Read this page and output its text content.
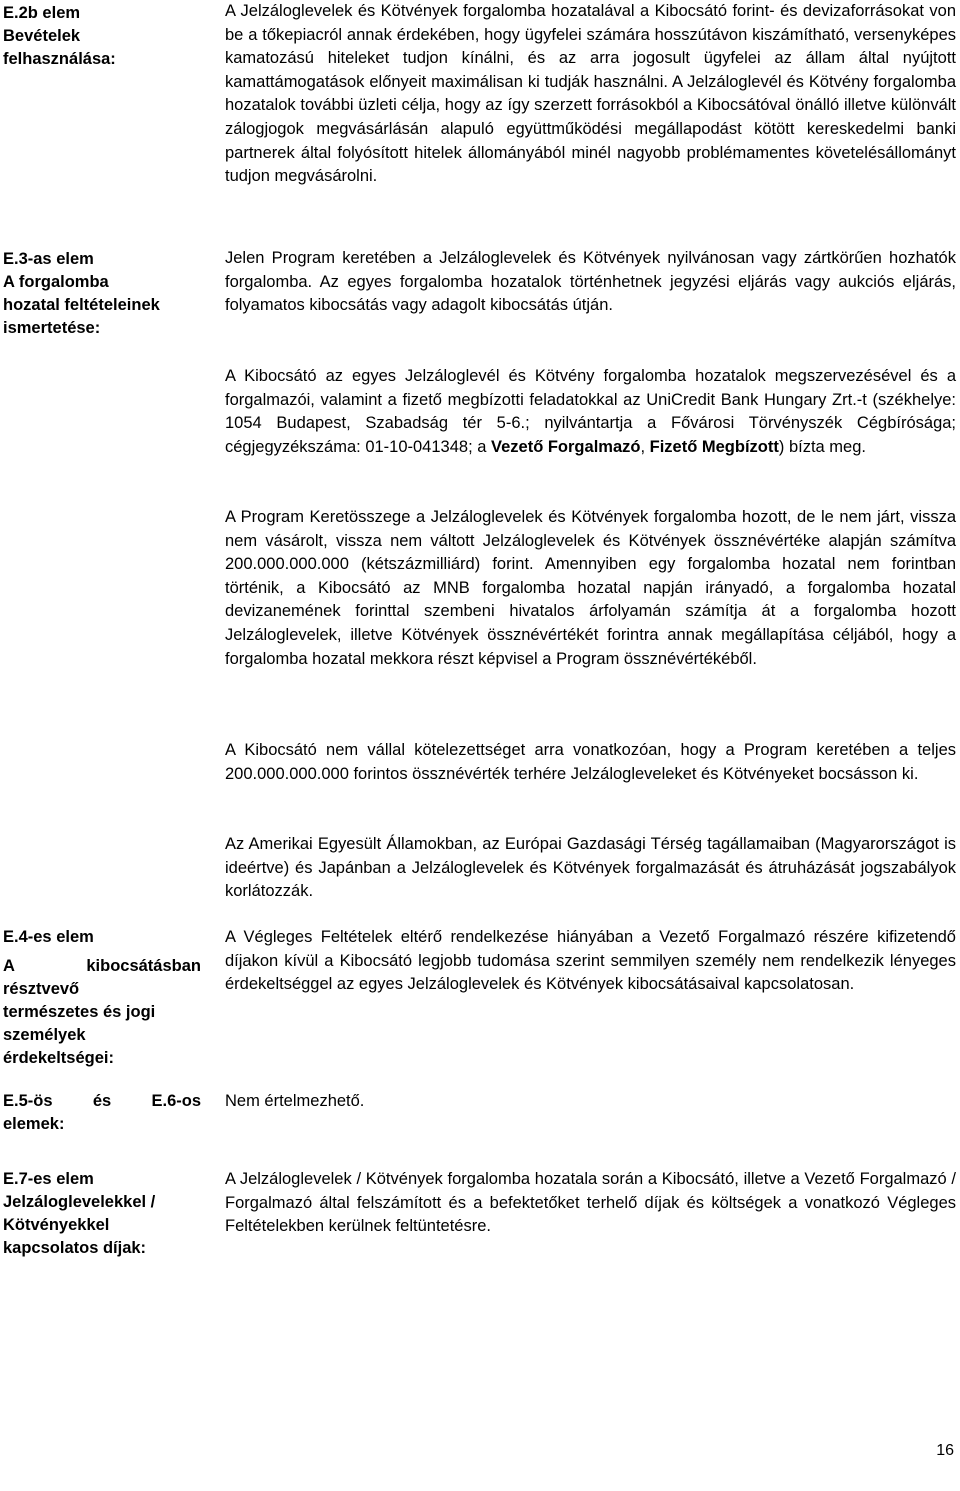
E.2b elem
Bevételek
felhasználása:
A Jelzáloglevelek és Kötvények forgalomba hozatalával a Kibocsátó forint- és devizaforrásokat von be a tőkepiacról annak érdekében, hogy ügyfelei számára hosszútávon kiszámítható, versenyképes kamatozású hiteleket tudjon kínálni, és az arra jogosult ügyfelei az állam által nyújtott kamattámogatások előnyeit maximálisan ki tudják használni. A Jelzáloglevél és Kötvény forgalomba hozatalok további üzleti célja, hogy az így szerzett forrásokból a Kibocsátóval önálló illetve különvált zálogjogok megvásárlásán alapuló együttműködési megállapodást kötött kereskedelmi banki partnerek által folyósított hitelek állományából minél nagyobb problémamentes követelésállományt tudjon megvásárolni.
E.3-as elem
A forgalomba
hozatal feltételeinek
ismertetése:
Jelen Program keretében a Jelzáloglevelek és Kötvények nyilvánosan vagy zártkörűen hozhatók forgalomba. Az egyes forgalomba hozatalok történhetnek jegyzési eljárás vagy aukciós eljárás, folyamatos kibocsátás vagy adagolt kibocsátás útján.
A Kibocsátó az egyes Jelzáloglevél és Kötvény forgalomba hozatalok megszervezésével és a forgalmazói, valamint a fizető megbízotti feladatokkal az UniCredit Bank Hungary Zrt.-t (székhelye: 1054 Budapest, Szabadság tér 5-6.; nyilvántartja a Fővárosi Törvényszék Cégbírósága; cégjegyzékszáma: 01-10-041348; a Vezető Forgalmazó, Fizető Megbízott) bízta meg.
A Program Keretösszege a Jelzáloglevelek és Kötvények forgalomba hozott, de le nem járt, vissza nem vásárolt, vissza nem váltott Jelzáloglevelek és Kötvények össznévértéke alapján számítva 200.000.000.000 (kétszázmilliárd) forint. Amennyiben egy forgalomba hozatal nem forintban történik, a Kibocsátó az MNB forgalomba hozatal napján irányadó, a forgalomba hozatal devizanemének forinttal szembeni hivatalos árfolyamán számítja át a forgalomba hozott Jelzáloglevelek, illetve Kötvények össznévértékét forintra annak megállapítása céljából, hogy a forgalomba hozatal mekkora részt képvisel a Program össznévértékéből.
A Kibocsátó nem vállal kötelezettséget arra vonatkozóan, hogy a Program keretében a teljes 200.000.000.000 forintos össznévérték terhére Jelzálogleveleket és Kötvényeket bocsásson ki.
Az Amerikai Egyesült Államokban, az Európai Gazdasági Térség tagállamaiban (Magyarországot is ideértve) és Japánban a Jelzáloglevelek és Kötvények forgalmazását és átruházását jogszabályok korlátozzák.
E.4-es elem
A kibocsátásban
résztvevő
természetes és jogi
személyek
érdekeltségei:
A Végleges Feltételek eltérő rendelkezése hiányában a Vezető Forgalmazó részére kifizetendő díjakon kívül a Kibocsátó legjobb tudomása szerint semmilyen személy nem rendelkezik lényeges érdekeltséggel az egyes Jelzáloglevelek és Kötvények kibocsátásaival kapcsolatosan.
E.5-ös és E.6-os
elemek:
Nem értelmezhető.
E.7-es elem
Jelzáloglevelekkel /
Kötvényekkel
kapcsolatos díjak:
A Jelzáloglevelek / Kötvények forgalomba hozatala során a Kibocsátó, illetve a Vezető Forgalmazó / Forgalmazó által felszámított és a befektetőket terhelő díjak és költségek a vonatkozó Végleges Feltételekben kerülnek feltüntetésre.
16
